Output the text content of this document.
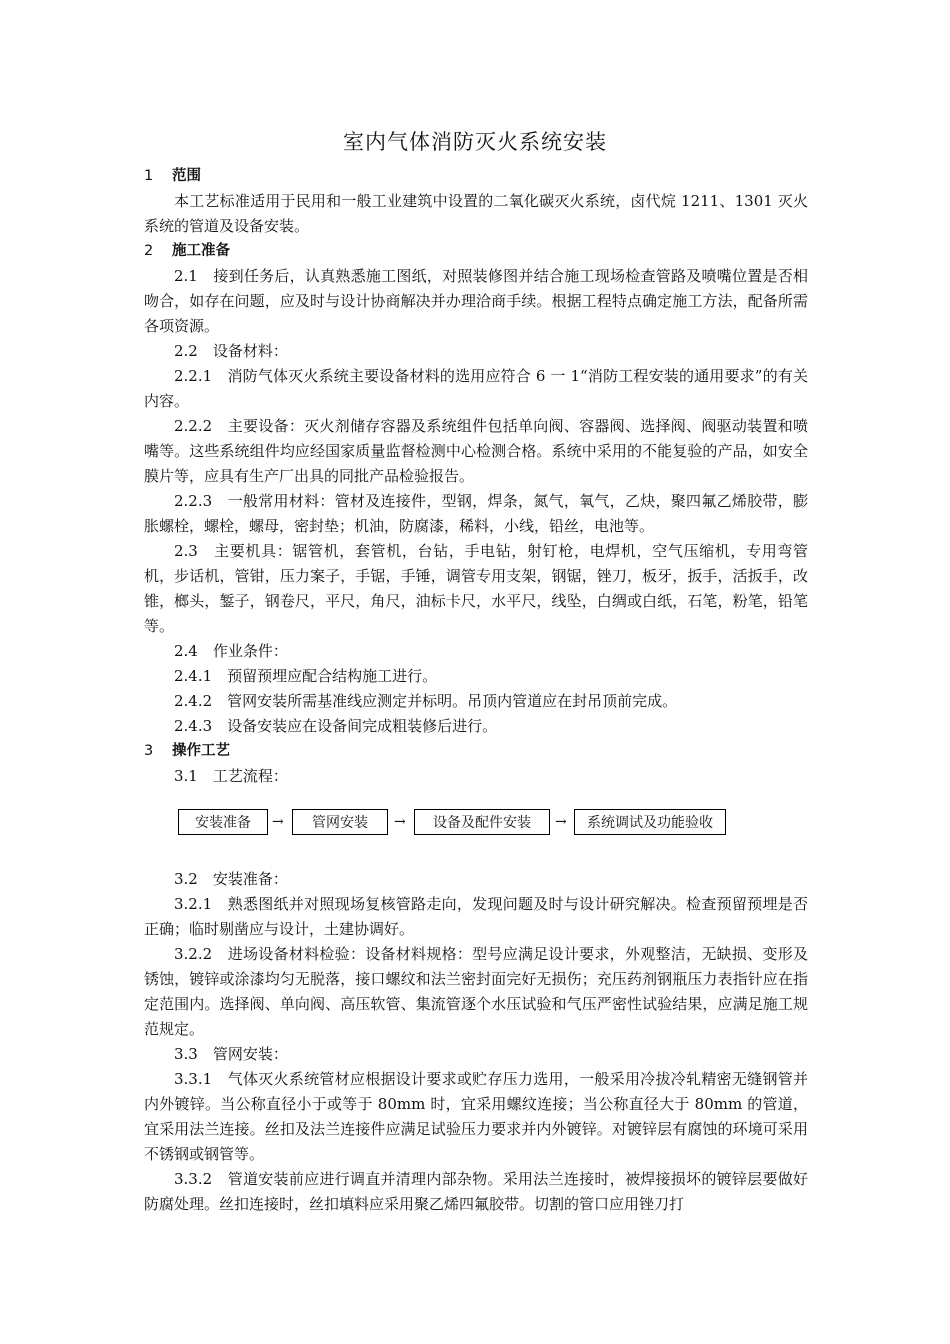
室内气体消防灭火系统安装
1 范围

本工艺标准适用于民用和一般工业建筑中设置的二氧化碳灭火系统，卤代烷 1211、1301 灭火系统的管道及设备安装。

2 施工准备

2.1　接到任务后，认真熟悉施工图纸，对照装修图并结合施工现场检查管路及喷嘴位置是否相吻合，如存在问题，应及时与设计协商解决并办理洽商手续。根据工程特点确定施工方法，配备所需各项资源。

2.2　设备材料：

2.2.1　消防气体灭火系统主要设备材料的选用应符合 6 一 1“消防工程安装的通用要求”的有关内容。

2.2.2　主要设备：灭火剂储存容器及系统组件包括单向阀、容器阀、选择阀、阀驱动装置和喷嘴等。这些系统组件均应经国家质量监督检测中心检测合格。系统中采用的不能复验的产品，如安全膜片等，应具有生产厂出具的同批产品检验报告。

2.2.3　一般常用材料：管材及连接件，型钢，焊条，氮气，氧气，乙炔，聚四氟乙烯胶带，膨胀螺栓，螺栓，螺母，密封垫；机油，防腐漆，稀料，小线，铅丝，电池等。

2.3　主要机具：锯管机，套管机，台钻，手电钻，射钉枪，电焊机，空气压缩机，专用弯管机，步话机，管钳，压力案子，手锯，手锤，调管专用支架，钢锯，锉刀，板牙，扳手，活扳手，改锥，榔头，錾子，钢卷尺，平尺，角尺，油标卡尺，水平尺，线坠，白绸或白纸，石笔，粉笔，铅笔等。

2.4　作业条件：

2.4.1　预留预埋应配合结构施工进行。

2.4.2　管网安装所需基准线应测定并标明。吊顶内管道应在封吊顶前完成。

2.4.3　设备安装应在设备间完成粗装修后进行。

3 操作工艺

3.1　工艺流程：

安装准备	→	管网安装	→	设备及配件安装	→	系统调试及功能验收

3.2　安装准备：

3.2.1　熟悉图纸并对照现场复核管路走向，发现问题及时与设计研究解决。检查预留预埋是否正确；临时剔凿应与设计，土建协调好。

3.2.2　进场设备材料检验：设备材料规格：型号应满足设计要求，外观整洁，无缺损、变形及锈蚀，镀锌或涂漆均匀无脱落，接口螺纹和法兰密封面完好无损伤；充压药剂钢瓶压力表指针应在指定范围内。选择阀、单向阀、高压软管、集流管逐个水压试验和气压严密性试验结果，应满足施工规范规定。

3.3　管网安装：

3.3.1　气体灭火系统管材应根据设计要求或贮存压力选用，一般采用冷拔冷轧精密无缝钢管并内外镀锌。当公称直径小于或等于 80mm 时，宜采用螺纹连接；当公称直径大于 80mm 的管道，宜采用法兰连接。丝扣及法兰连接件应满足试验压力要求并内外镀锌。对镀锌层有腐蚀的环境可采用不锈钢或钢管等。

3.3.2　管道安装前应进行调直并清理内部杂物。采用法兰连接时，被焊接损坏的镀锌层要做好防腐处理。丝扣连接时，丝扣填料应采用聚乙烯四氟胶带。切割的管口应用锉刀打
